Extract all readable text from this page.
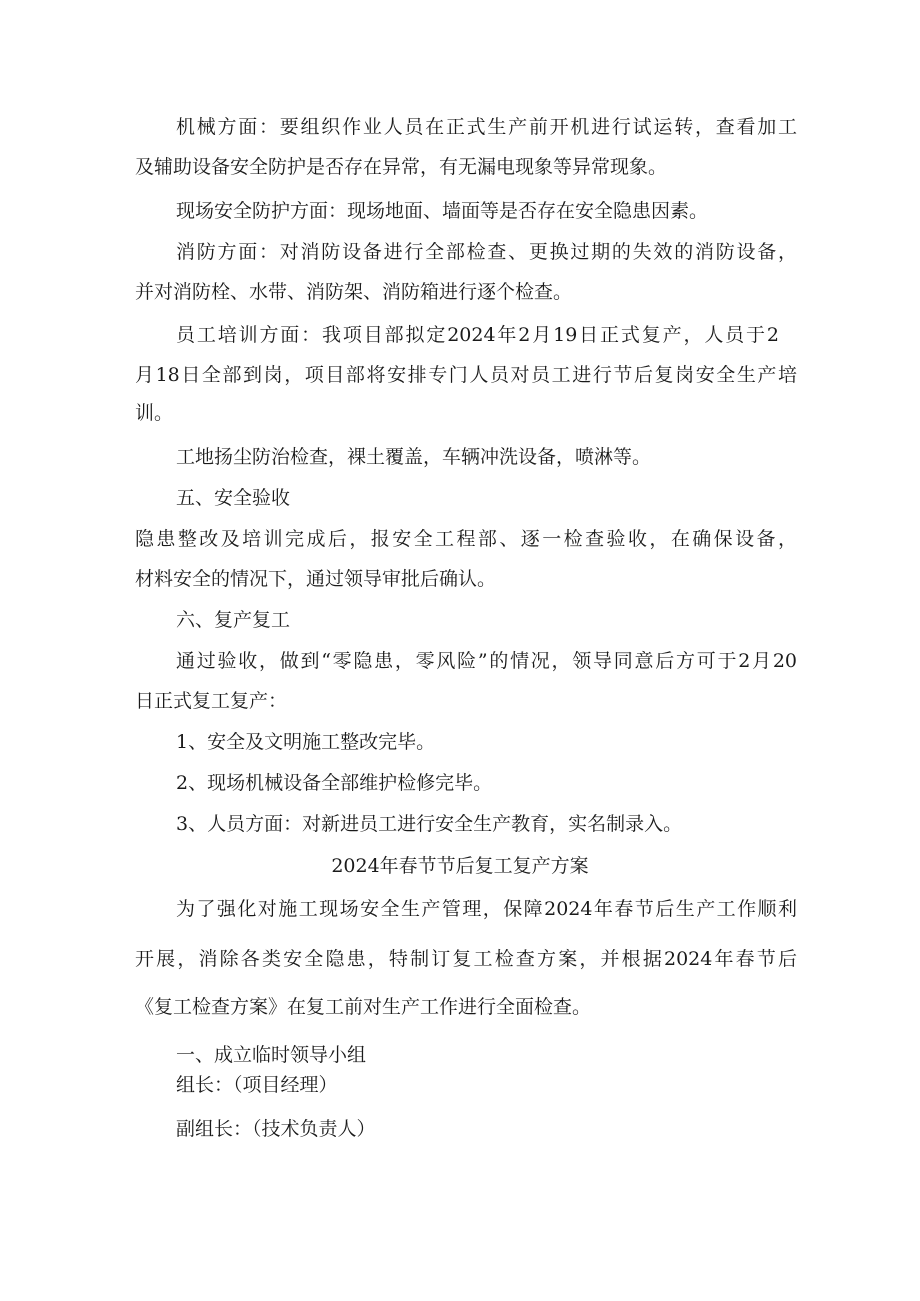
机械方面：要组织作业人员在正式生产前开机进行试运转，查看加工

及辅助设备安全防护是否存在异常，有无漏电现象等异常现象。

现场安全防护方面：现场地面、墙面等是否存在安全隐患因素。

消防方面：对消防设备进行全部检查、更换过期的失效的消防设备，

并对消防栓、水带、消防架、消防箱进行逐个检查。

员工培训方面：我项目部拟定2024年2月19日正式复产，人员于2

月18日全部到岗，项目部将安排专门人员对员工进行节后复岗安全生产培

训。

工地扬尘防治检查，裸土覆盖，车辆冲洗设备，喷淋等。

五、安全验收

隐患整改及培训完成后，报安全工程部、逐一检查验收，在确保设备，

材料安全的情况下，通过领导审批后确认。

六、复产复工

通过验收，做到“零隐患，零风险”的情况，领导同意后方可于2月20

日正式复工复产：

1、安全及文明施工整改完毕。

2、现场机械设备全部维护检修完毕。

3、人员方面：对新进员工进行安全生产教育，实名制录入。

2024年春节节后复工复产方案

为了强化对施工现场安全生产管理，保障2024年春节后生产工作顺利

开展，消除各类安全隐患，特制订复工检查方案，并根据2024年春节后

《复工检查方案》在复工前对生产工作进行全面检查。

一、成立临时领导小组

组长：（项目经理）

副组长：（技术负责人）
